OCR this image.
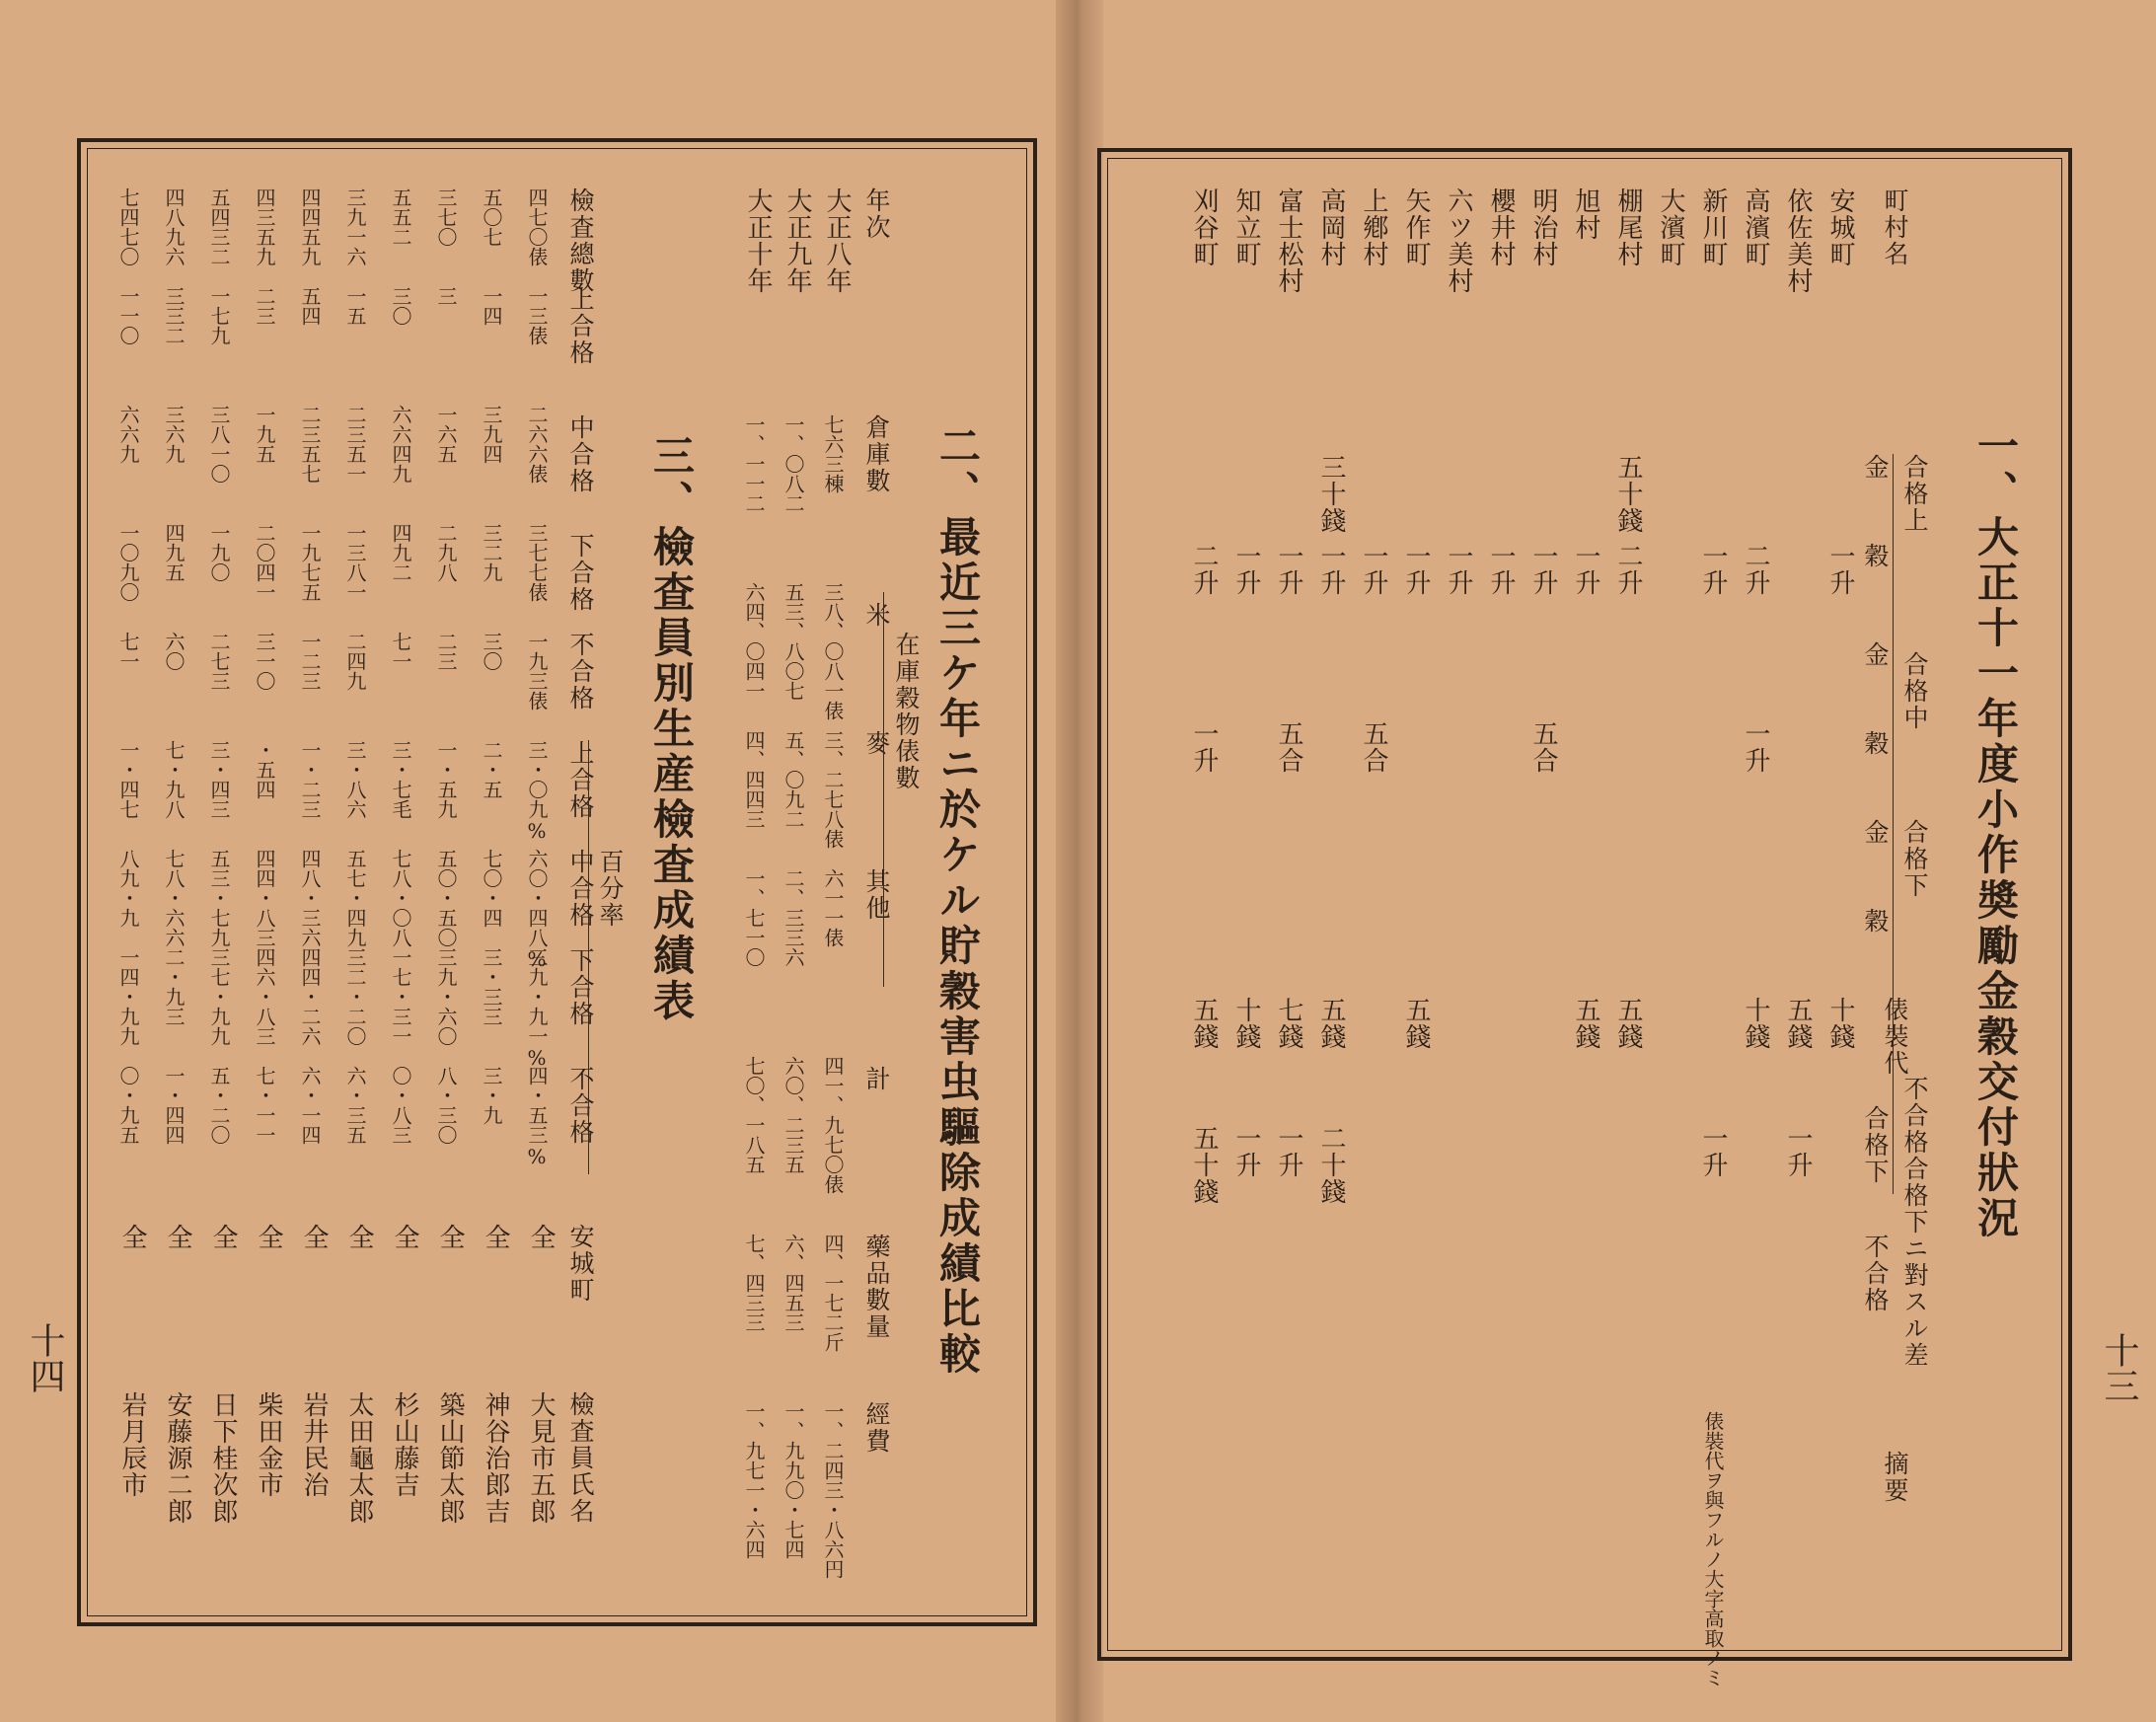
二、最近三ケ年ニ於ケル貯穀害虫驅除成績比較
年次
倉庫數
米
麥
其他
計
藥品數量
經費
在庫穀物俵數
大正八年
七六三棟
三八、〇八一俵
三、二七八俵
六一一俵
四一、九七〇俵
四、一七二斤
一、二四三・八六円
大正九年
一、〇八二
五三、八〇七
五、〇九二
二、三三六
六〇、二三五
六、四五三
一、九九〇・七四
大正十年
一、一一二
六四、〇四一
四、四四三
一、七一〇
七〇、一八五
七、四三三
一、九七一・六四
三、檢查員別生産檢査成績表
檢査總數
上合格
中合格
下合格
不合格
上合格
中合格
下合格
不合格
百分率
安城町
檢査員氏名
四七〇俵
一三俵
二六六俵
三七七俵
一九三俵
三・〇九%
六〇・四八%
三九・九一%
四・五三%
全
大見市五郎
五〇七
一四
三九四
三二九
三〇
二・五
七〇・四
三・三三
三・九
全
神谷治郎吉
三七〇
三
一六五
二九八
二三
一・五九
五〇・五〇
三九・六〇
八・三〇
全
築山節太郎
五五二
三〇
六六四九
四九二
七一
三・七毛
七八・〇八
一七・三一
〇・八三
全
杉山藤吉
三九一六
一五
二三五一
一三八一
二四九
三・八六
五七・四九
三二・二〇
六・三五
全
太田龜太郎
四四五九
五四
二三五七
一九七五
一二三
一・二三
四八・三六
四四・二六
六・一四
全
岩井民治
四三五九
二三
一九五
二〇四一
三一〇
・五四
四四・八三
四六・八三
七・一一
全
柴田金市
五四三二
一七九
三八一〇
一九〇
二七三
三・四三
五三・七九
三七・九九
五・二〇
全
日下桂次郎
四八九六
三三二
三六九
四九五
六〇
七・九八
七八・六六
二・九三
一・四四
全
安藤源二郎
七四七〇
一一〇
六六九
一〇九〇
七一
一・四七
八九・九
一四・九九
〇・九五
全
岩月辰市
十四
一、大正十一年度小作奬勵金穀交付狀況
町村名
合格上
金
穀
合格中
金
穀
合格下
金
穀
俵裝代
不合格合格下ニ對スル差
合格下
不合格
摘要
安城町
一升
十錢
依佐美村
五錢
一升
高濱町
二升
一升
十錢
新川町
一升
一升
大濱町
棚尾村
五十錢
二升
五錢
旭村
一升
五錢
明治村
一升
五合
櫻井村
一升
六ツ美村
一升
矢作町
一升
五錢
上鄕村
一升
五合
高岡村
三十錢
一升
五錢
二十錢
富士松村
一升
五合
七錢
一升
知立町
一升
十錢
一升
刈谷町
二升
一升
五錢
五十錢
俵裝代ヲ與フルノ大字高取ノミ
十三
